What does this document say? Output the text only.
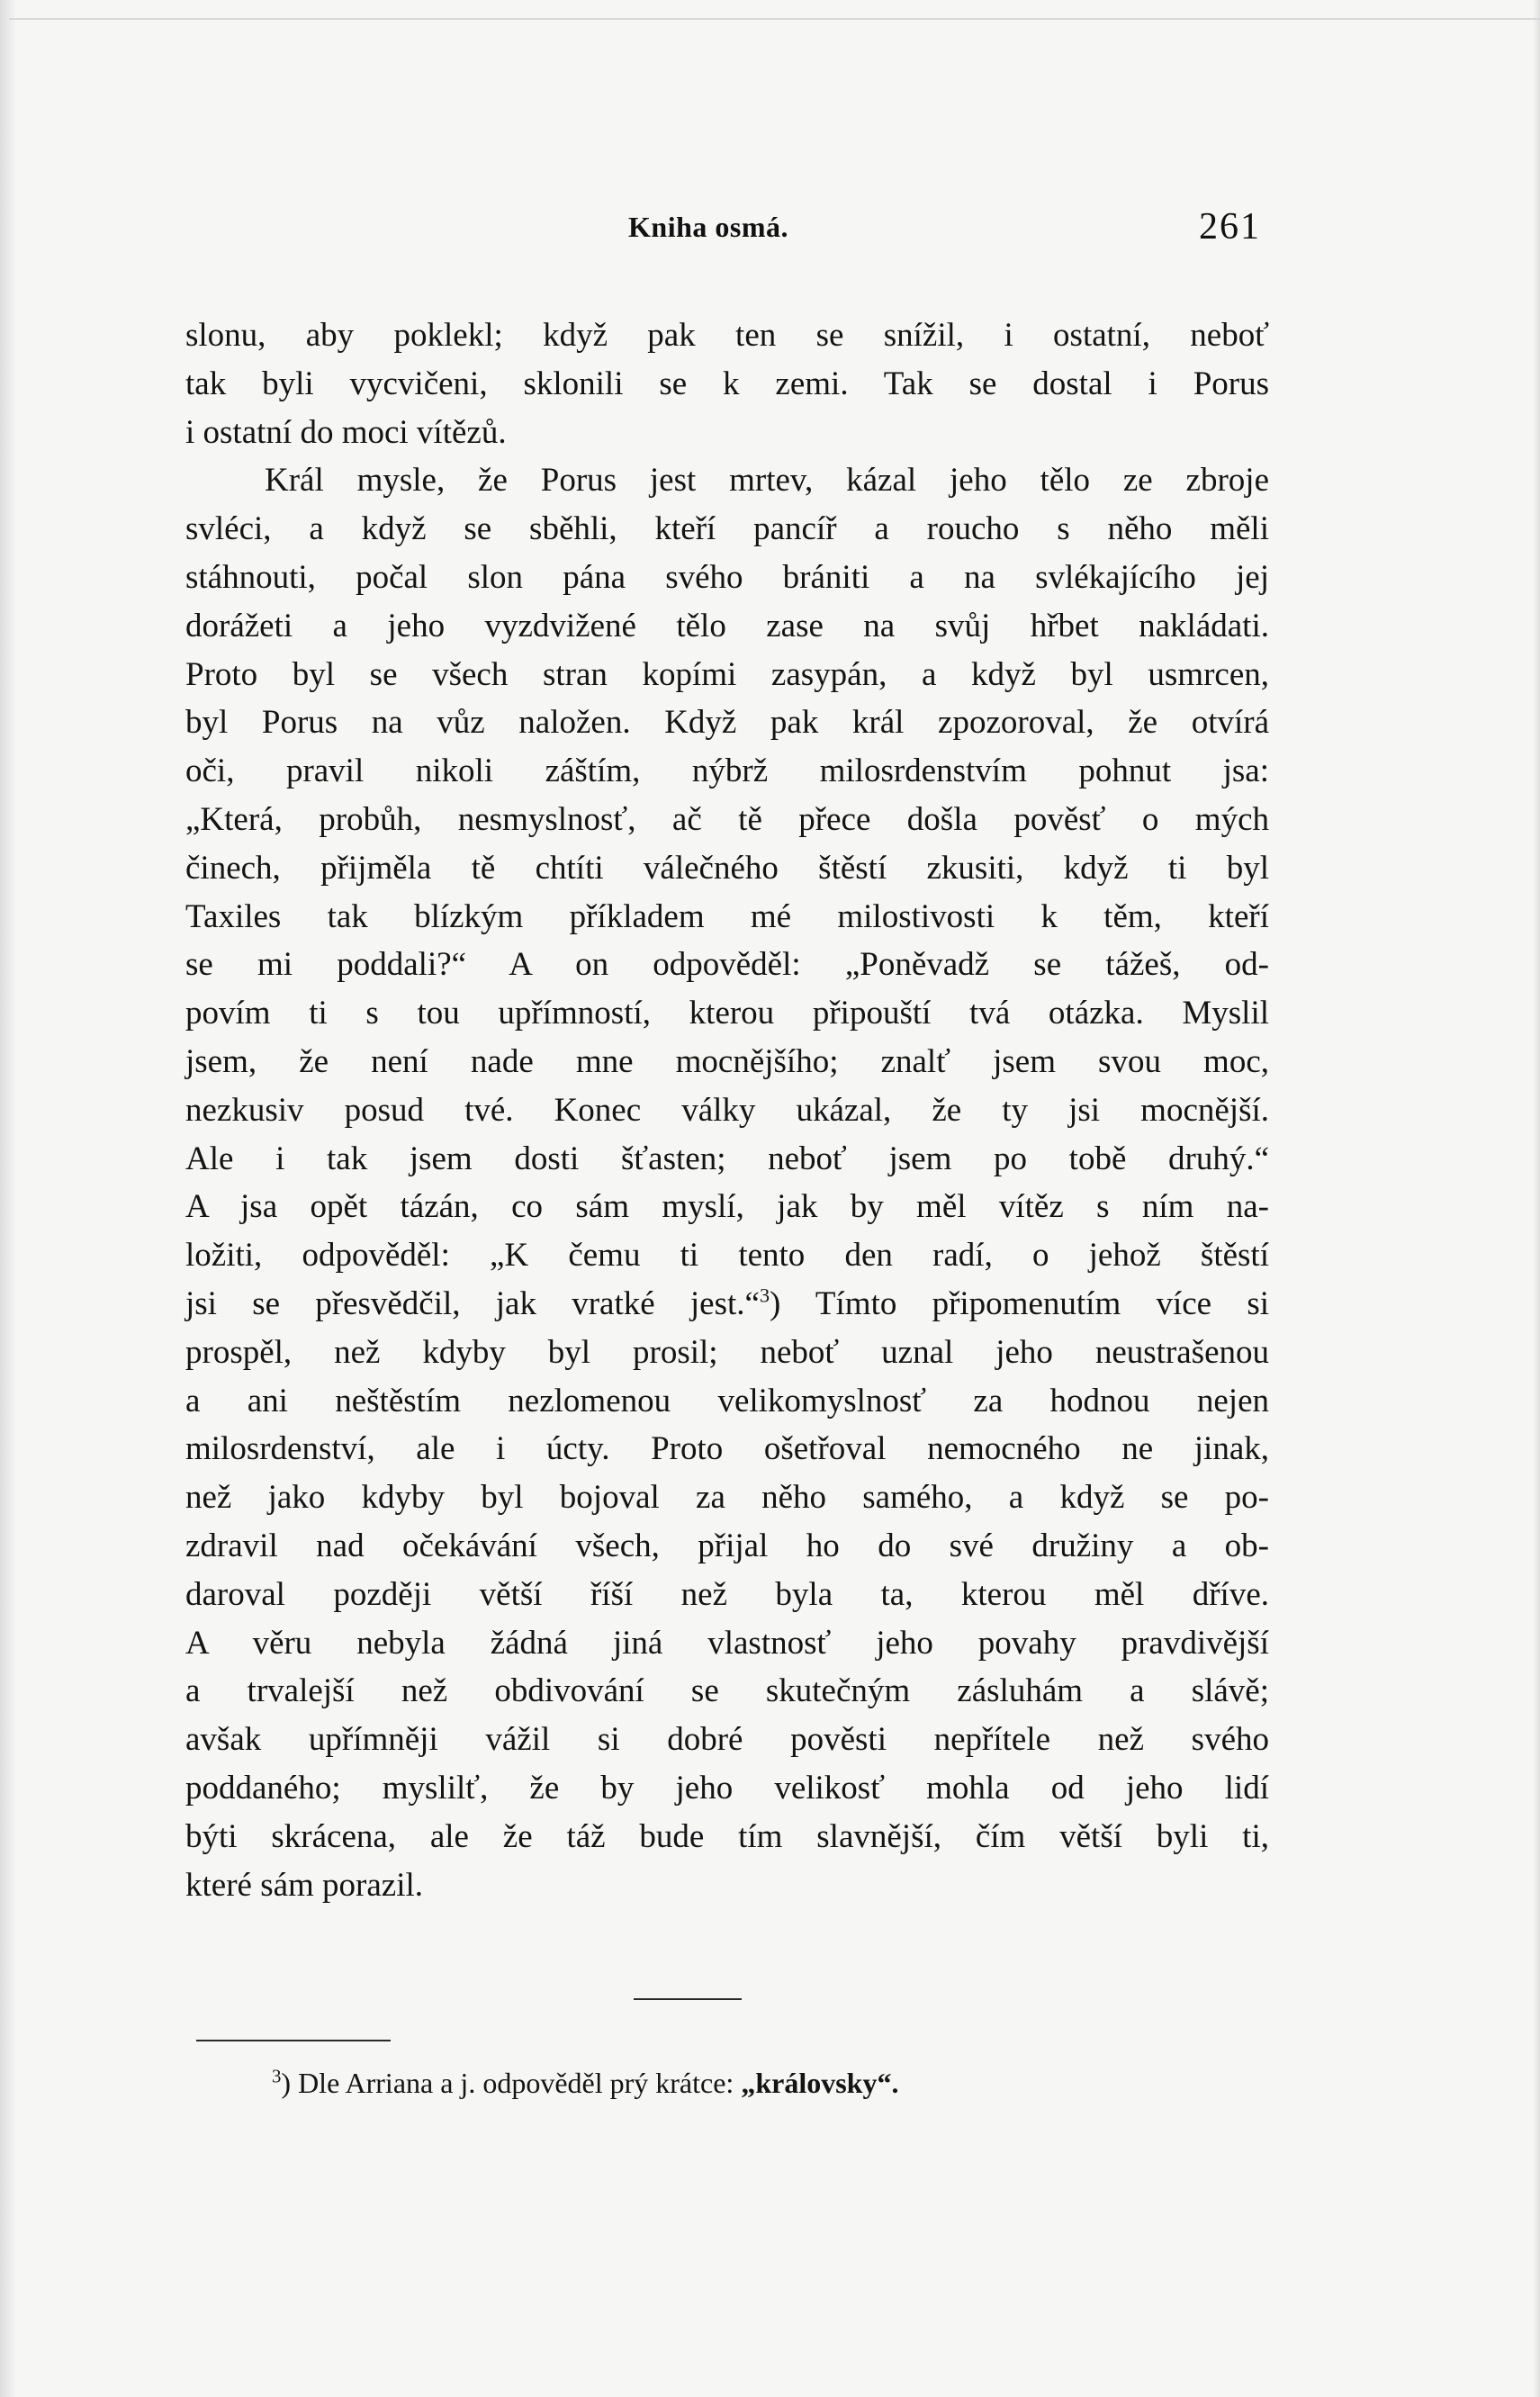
Kniha osmá.	261
slonu, aby poklekl; když pak ten se snížil, i ostatní, neboť
tak byli vycvičeni, sklonili se k zemi. Tak se dostal i Porus
i ostatní do moci vítězů.
Král mysle, že Porus jest mrtev, kázal jeho tělo ze zbroje
svléci, a když se sběhli, kteří pancíř a roucho s něho měli
stáhnouti, počal slon pána svého brániti a na svlékajícího jej
dorážeti a jeho vyzdvižené tělo zase na svůj hřbet nakládati.
Proto byl se všech stran kopími zasypán, a když byl usmrcen,
byl Porus na vůz naložen. Když pak král zpozoroval, že otvírá
oči, pravil nikoli záštím, nýbrž milosrdenstvím pohnut jsa:
„Která, probůh, nesmyslnosť, ač tě přece došla pověsť o mých
činech, přijměla tě chtíti válečného štěstí zkusiti, když ti byl
Taxiles tak blízkým příkladem mé milostivosti k těm, kteří
se mi poddali?“ A on odpověděl: „Poněvadž se tážeš, od-
povím ti s tou upřímností, kterou připouští tvá otázka. Myslil
jsem, že není nade mne mocnějšího; znalť jsem svou moc,
nezkusiv posud tvé. Konec války ukázal, že ty jsi mocnější.
Ale i tak jsem dosti šťasten; neboť jsem po tobě druhý.“
A jsa opět tázán, co sám myslí, jak by měl vítěz s ním na-
ložiti, odpověděl: „K čemu ti tento den radí, o jehož štěstí
jsi se přesvědčil, jak vratké jest.“$^3$) Tímto připomenutím více si
prospěl, než kdyby byl prosil; neboť uznal jeho neustrašenou
a ani neštěstím nezlomenou velikomyslnosť za hodnou nejen
milosrdenství, ale i úcty. Proto ošetřoval nemocného ne jinak,
než jako kdyby byl bojoval za něho samého, a když se po-
zdravil nad očekávání všech, přijal ho do své družiny a ob-
daroval později větší říší než byla ta, kterou měl dříve.
A věru nebyla žádná jiná vlastnosť jeho povahy pravdivější
a trvalejší než obdivování se skutečným zásluhám a slávě;
avšak upřímněji vážil si dobré pověsti nepřítele než svého
poddaného; myslilť, že by jeho velikosť mohla od jeho lidí
býti skrácena, ale že táž bude tím slavnější, čím větší byli ti,
které sám porazil.
$^3$) Dle Arriana a j. odpověděl prý krátce: „královsky“.
